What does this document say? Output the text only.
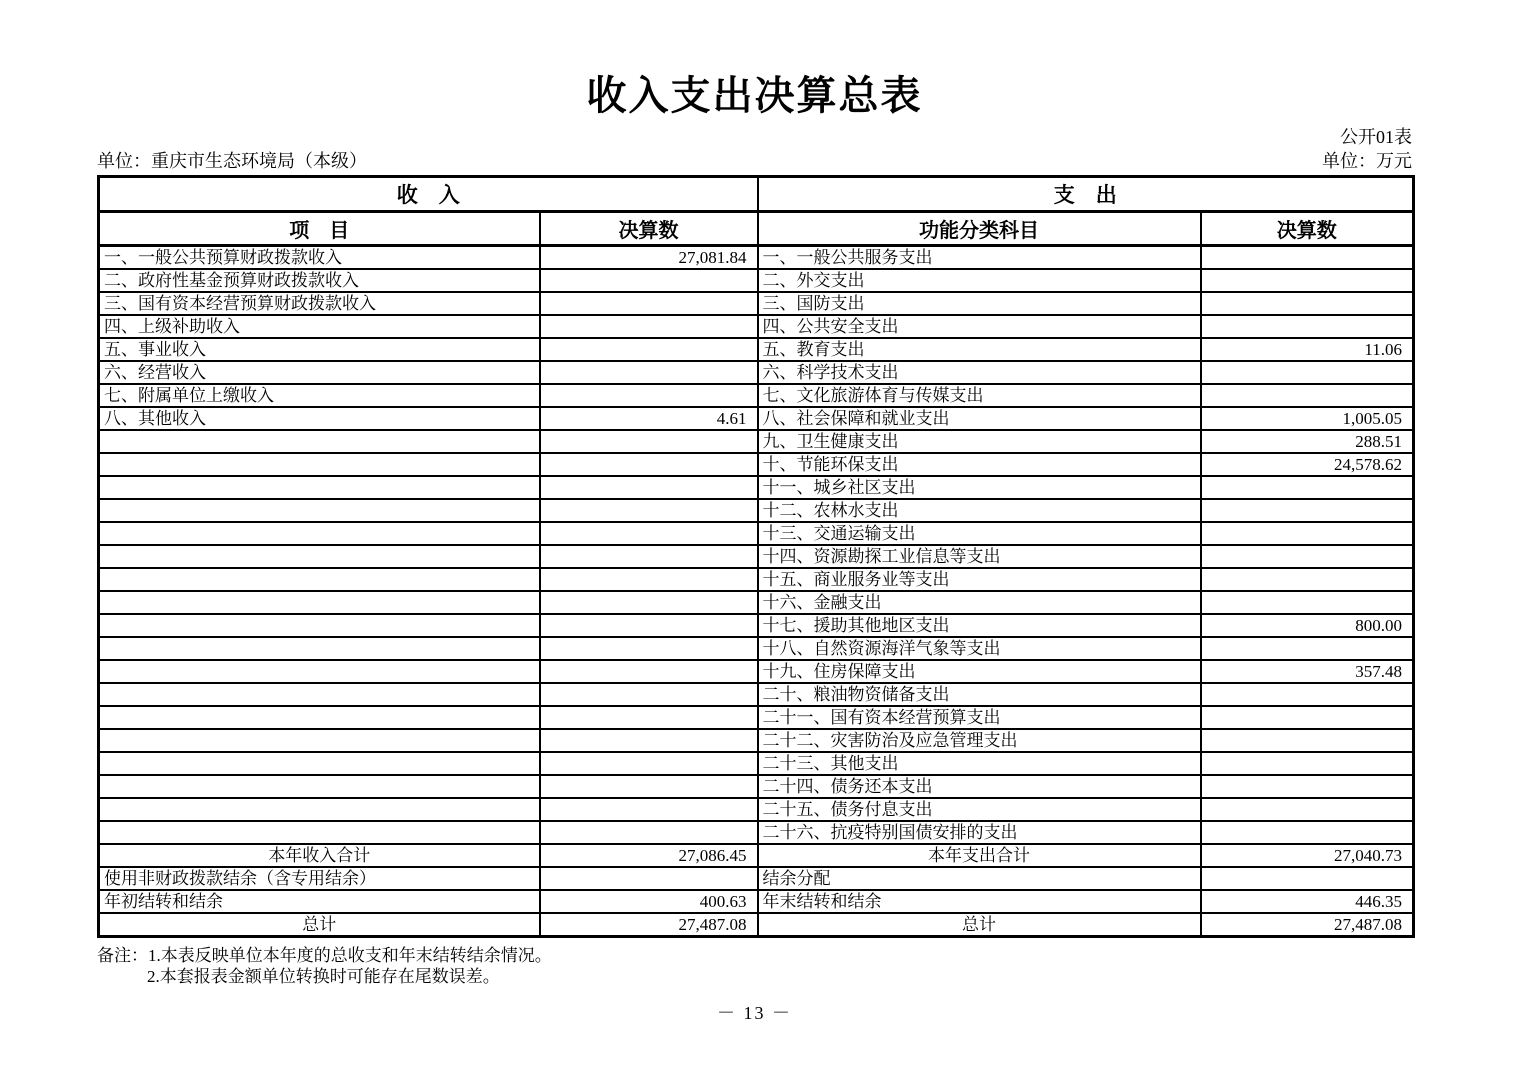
收入支出决算总表
公开01表
单位：重庆市生态环境局（本级）	单位：万元
收　入		支　出	
项　目	决算数	功能分类科目	决算数
一、一般公共预算财政拨款收入	27,081.84	一、一般公共服务支出	
二、政府性基金预算财政拨款收入		二、外交支出	
三、国有资本经营预算财政拨款收入		三、国防支出	
四、上级补助收入		四、公共安全支出	
五、事业收入		五、教育支出	11.06
六、经营收入		六、科学技术支出	
七、附属单位上缴收入		七、文化旅游体育与传媒支出	
八、其他收入	4.61	八、社会保障和就业支出	1,005.05
		九、卫生健康支出	288.51
		十、节能环保支出	24,578.62
		十一、城乡社区支出	
		十二、农林水支出	
		十三、交通运输支出	
		十四、资源勘探工业信息等支出	
		十五、商业服务业等支出	
		十六、金融支出	
		十七、援助其他地区支出	800.00
		十八、自然资源海洋气象等支出	
		十九、住房保障支出	357.48
		二十、粮油物资储备支出	
		二十一、国有资本经营预算支出	
		二十二、灾害防治及应急管理支出	
		二十三、其他支出	
		二十四、债务还本支出	
		二十五、债务付息支出	
		二十六、抗疫特别国债安排的支出	
本年收入合计	27,086.45	本年支出合计	27,040.73
使用非财政拨款结余（含专用结余）		结余分配	
年初结转和结余	400.63	年末结转和结余	446.35
总计	27,487.08	总计	27,487.08
备注：1.本表反映单位本年度的总收支和年末结转结余情况。
2.本套报表金额单位转换时可能存在尾数误差。
－ 13 －
